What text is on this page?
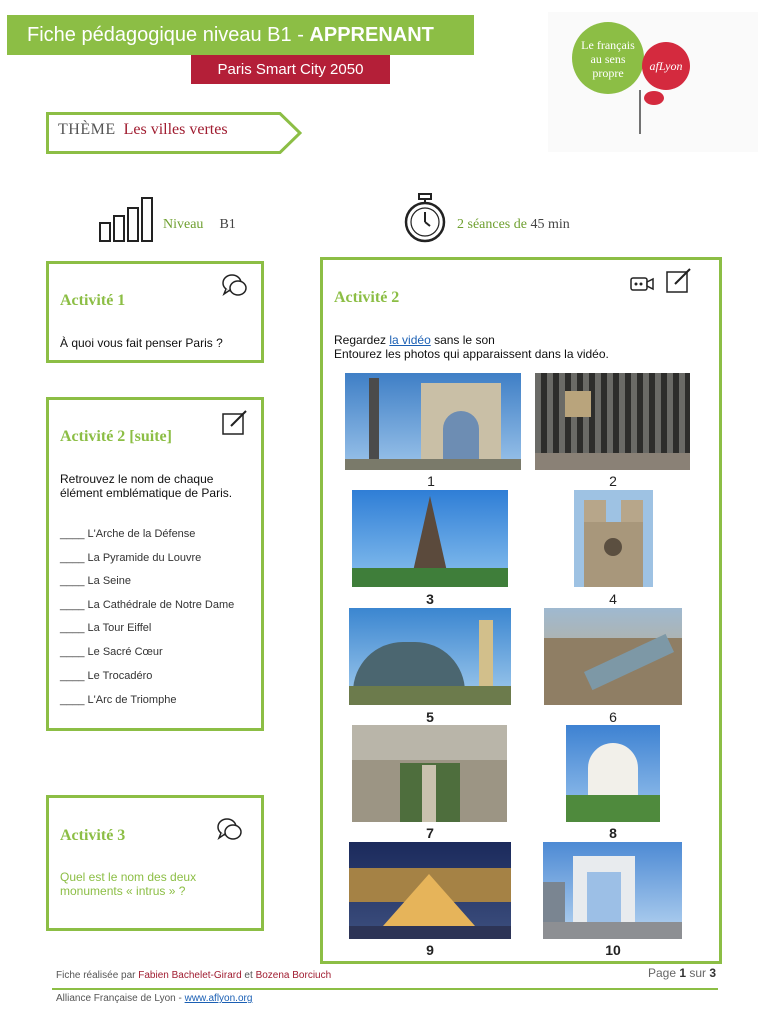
Fiche pédagogique niveau B1 - APPRENANT
Paris Smart City 2050
Le français
au sens
propre afLyon
THÈME Les villes vertes
Niveau B1	2 séances de 45 min
Activité 1
À quoi vous fait penser Paris ?
Activité 2 [suite]
Retrouvez le nom de chaque élément emblématique de Paris.
____ L'Arche de la Défense
____ La Pyramide du Louvre
____ La Seine
____ La Cathédrale de Notre Dame
____ La Tour Eiffel
____ Le Sacré Cœur
____ Le Trocadéro
____ L'Arc de Triomphe
Activité 3
Quel est le nom des deux monuments « intrus » ?
Activité 2
Regardez la vidéo sans le son
Entourez les photos qui apparaissent dans la vidéo.
1	2
3	4
5	6
7	8
9	10
Fiche réalisée par Fabien Bachelet-Girard et Bozena Borciuch	Page 1 sur 3
Alliance Française de Lyon - www.aflyon.org
